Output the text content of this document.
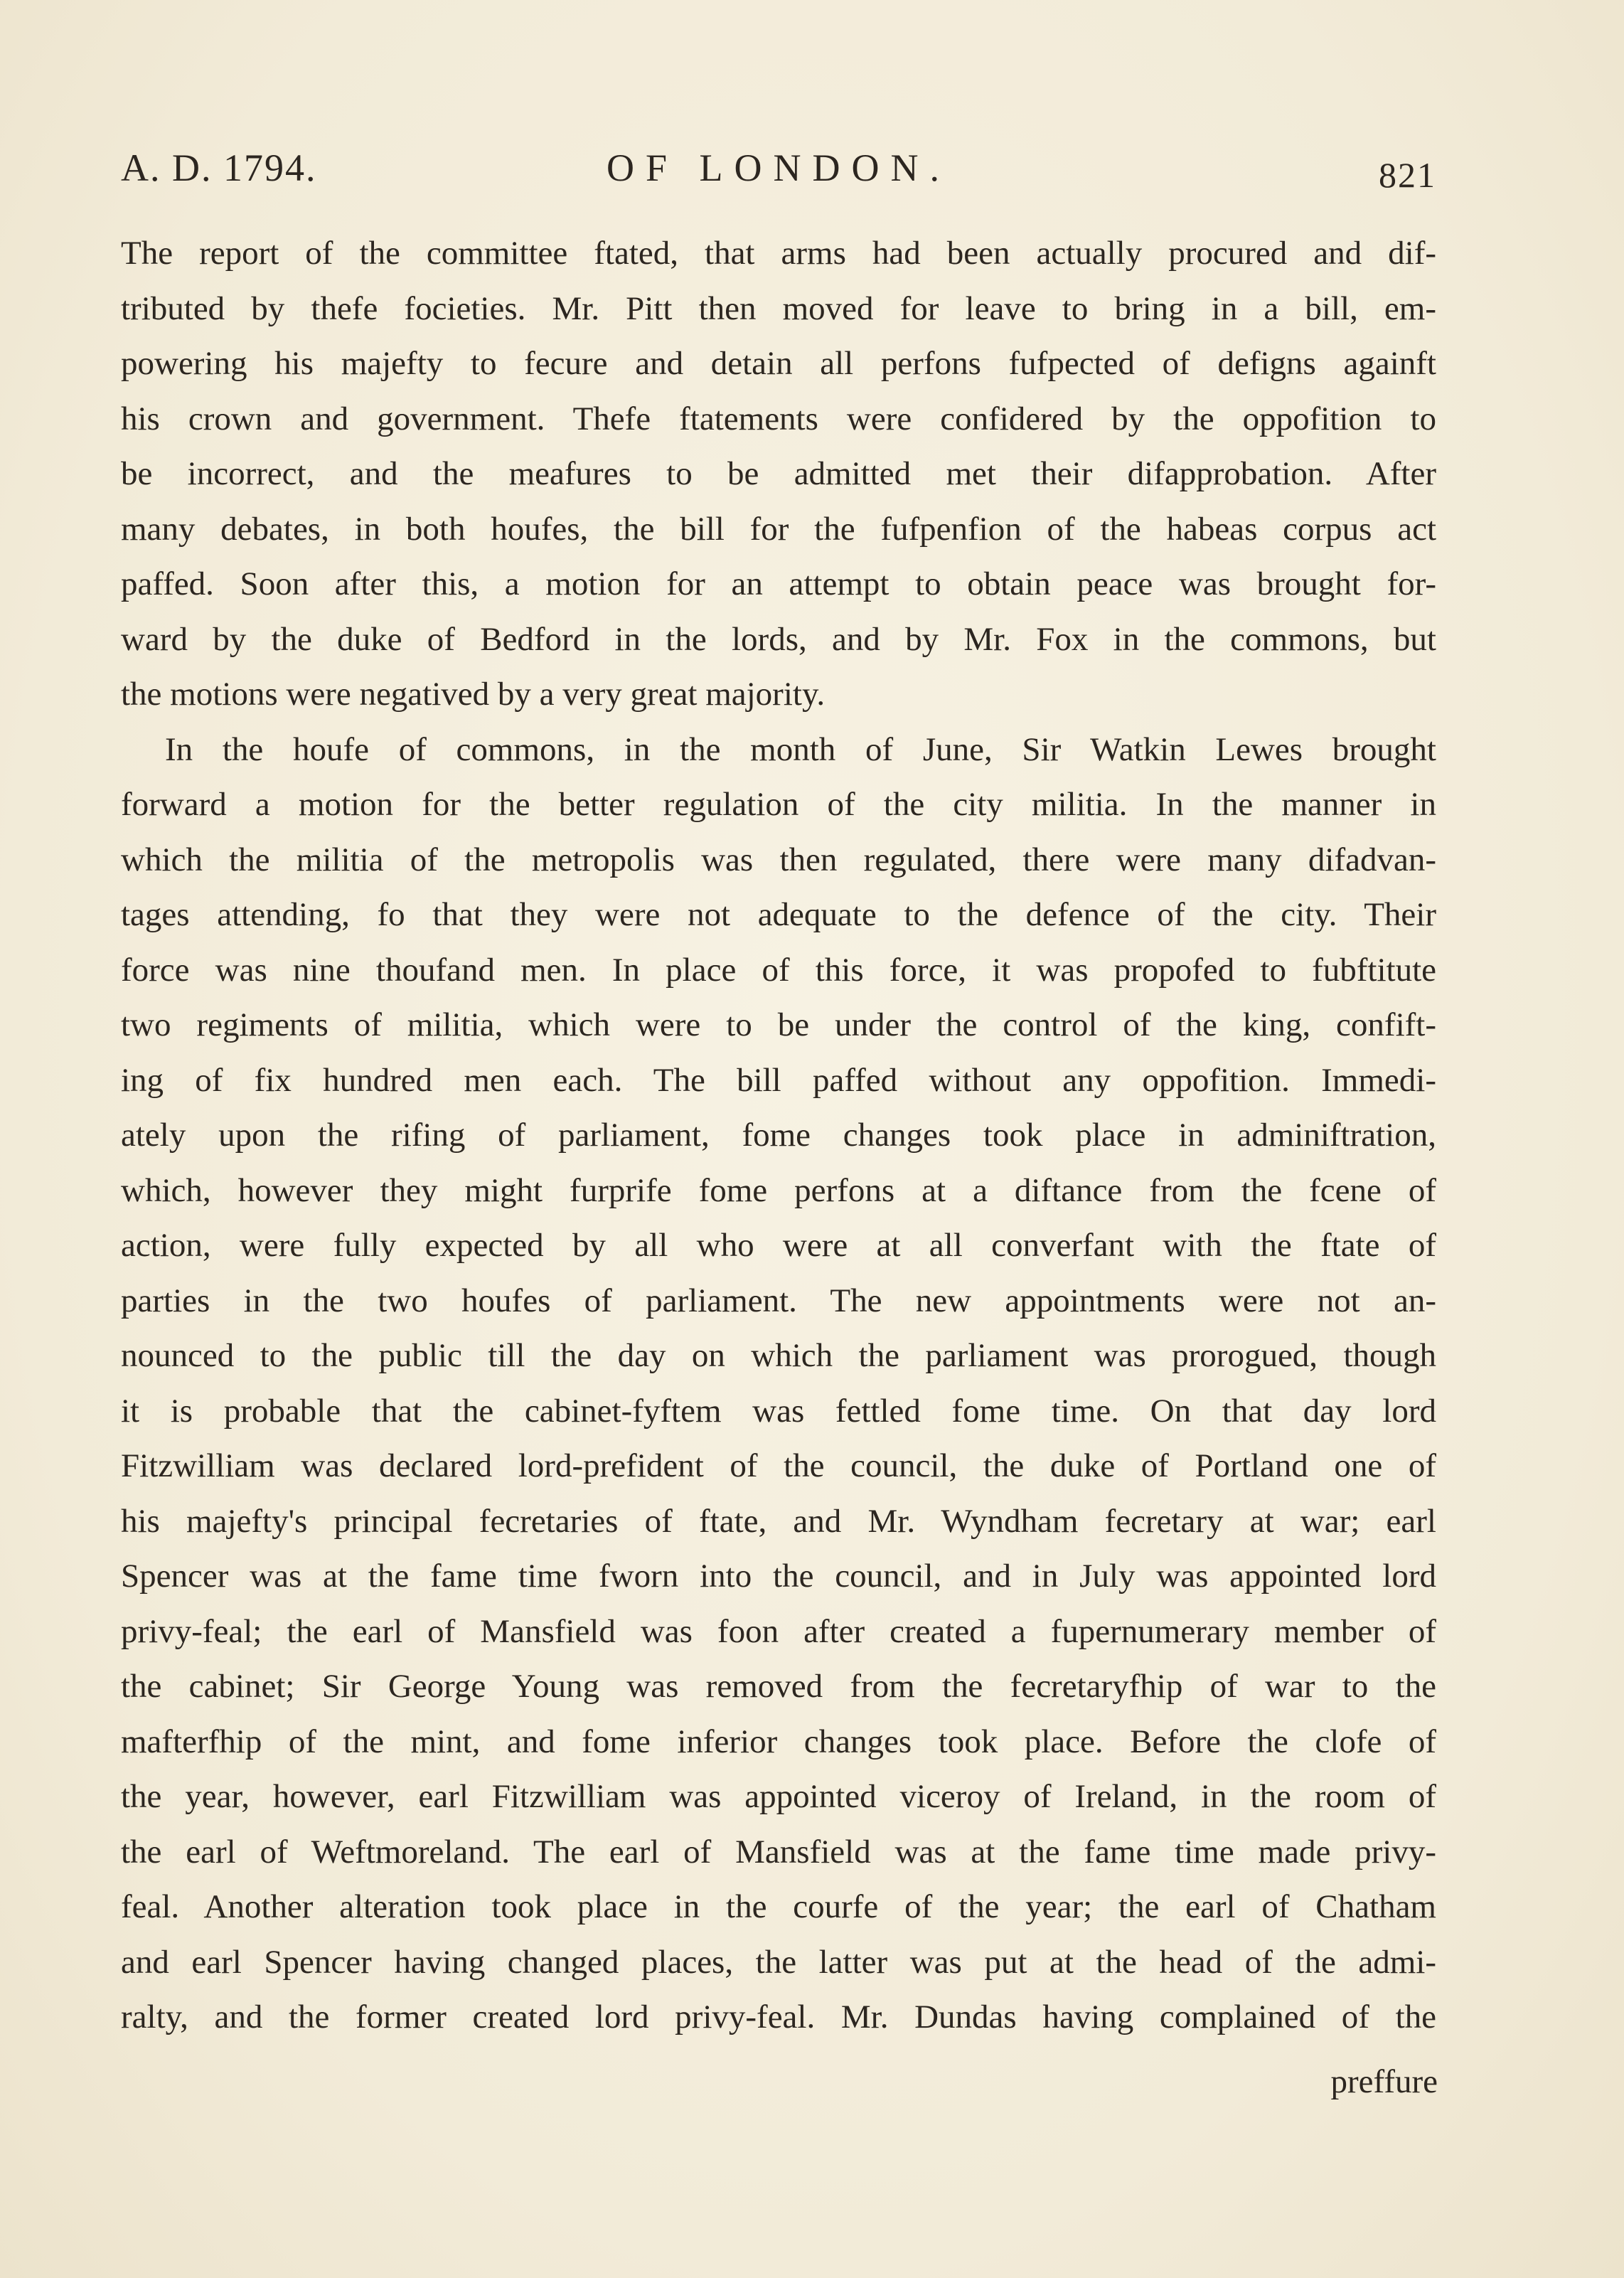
A. D. 1794.	OF LONDON.	821
The report of the committee ftated, that arms had been actually procured and dif-
tributed by thefe focieties. Mr. Pitt then moved for leave to bring in a bill, em-
powering his majefty to fecure and detain all perfons fufpected of defigns againft
his crown and government. Thefe ftatements were confidered by the oppofition to
be incorrect, and the meafures to be admitted met their difapprobation. After
many debates, in both houfes, the bill for the fufpenfion of the habeas corpus act
paffed. Soon after this, a motion for an attempt to obtain peace was brought for-
ward by the duke of Bedford in the lords, and by Mr. Fox in the commons, but
the motions were negatived by a very great majority.
In the houfe of commons, in the month of June, Sir Watkin Lewes brought
forward a motion for the better regulation of the city militia. In the manner in
which the militia of the metropolis was then regulated, there were many difadvan-
tages attending, fo that they were not adequate to the defence of the city. Their
force was nine thoufand men. In place of this force, it was propofed to fubftitute
two regiments of militia, which were to be under the control of the king, confift-
ing of fix hundred men each. The bill paffed without any oppofition. Immedi-
ately upon the rifing of parliament, fome changes took place in adminiftration,
which, however they might furprife fome perfons at a diftance from the fcene of
action, were fully expected by all who were at all converfant with the ftate of
parties in the two houfes of parliament. The new appointments were not an-
nounced to the public till the day on which the parliament was prorogued, though
it is probable that the cabinet-fyftem was fettled fome time. On that day lord
Fitzwilliam was declared lord-prefident of the council, the duke of Portland one of
his majefty's principal fecretaries of ftate, and Mr. Wyndham fecretary at war; earl
Spencer was at the fame time fworn into the council, and in July was appointed lord
privy-feal; the earl of Mansfield was foon after created a fupernumerary member of
the cabinet; Sir George Young was removed from the fecretaryfhip of war to the
mafterfhip of the mint, and fome inferior changes took place. Before the clofe of
the year, however, earl Fitzwilliam was appointed viceroy of Ireland, in the room of
the earl of Weftmoreland. The earl of Mansfield was at the fame time made privy-
feal. Another alteration took place in the courfe of the year; the earl of Chatham
and earl Spencer having changed places, the latter was put at the head of the admi-
ralty, and the former created lord privy-feal. Mr. Dundas having complained of the
preffure
